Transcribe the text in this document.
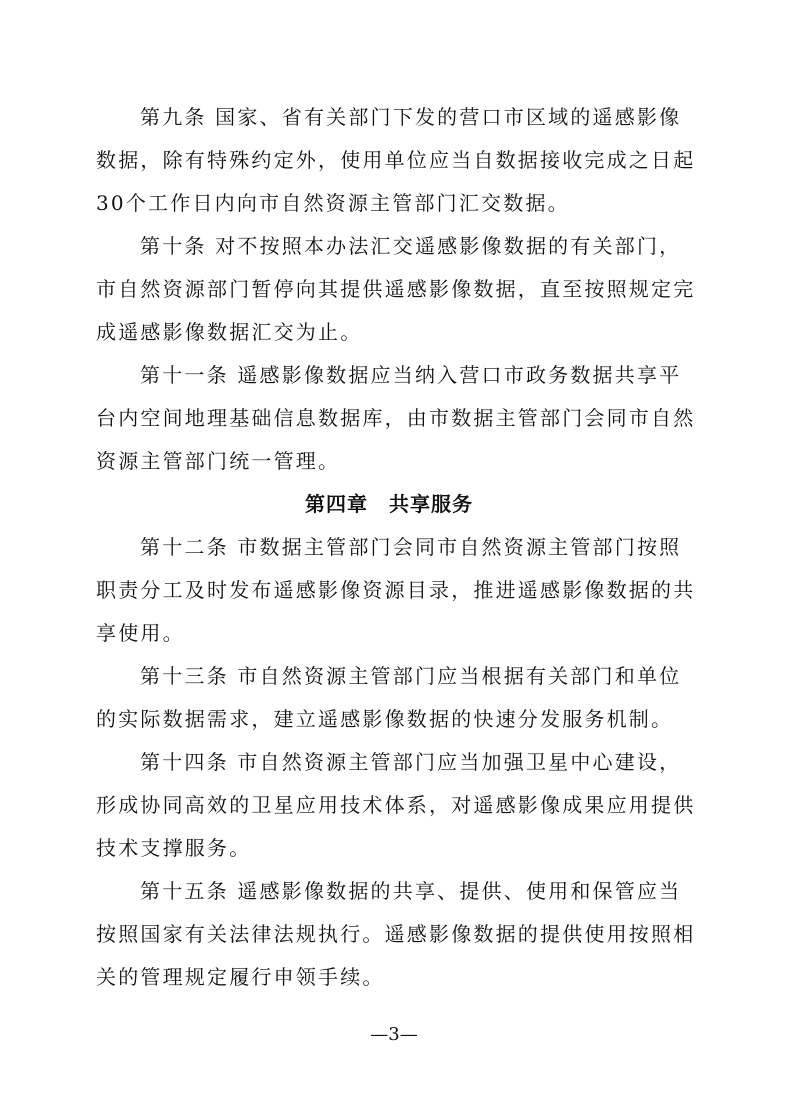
第九条 国家、省有关部门下发的营口市区域的遥感影像
数据，除有特殊约定外，使用单位应当自数据接收完成之日起
30个工作日内向市自然资源主管部门汇交数据。

第十条 对不按照本办法汇交遥感影像数据的有关部门，
市自然资源部门暂停向其提供遥感影像数据，直至按照规定完
成遥感影像数据汇交为止。

第十一条 遥感影像数据应当纳入营口市政务数据共享平
台内空间地理基础信息数据库，由市数据主管部门会同市自然
资源主管部门统一管理。

第四章　共享服务

第十二条 市数据主管部门会同市自然资源主管部门按照
职责分工及时发布遥感影像资源目录，推进遥感影像数据的共
享使用。

第十三条 市自然资源主管部门应当根据有关部门和单位
的实际数据需求，建立遥感影像数据的快速分发服务机制。

第十四条 市自然资源主管部门应当加强卫星中心建设，
形成协同高效的卫星应用技术体系，对遥感影像成果应用提供
技术支撑服务。

第十五条 遥感影像数据的共享、提供、使用和保管应当
按照国家有关法律法规执行。遥感影像数据的提供使用按照相
关的管理规定履行申领手续。

—3—
